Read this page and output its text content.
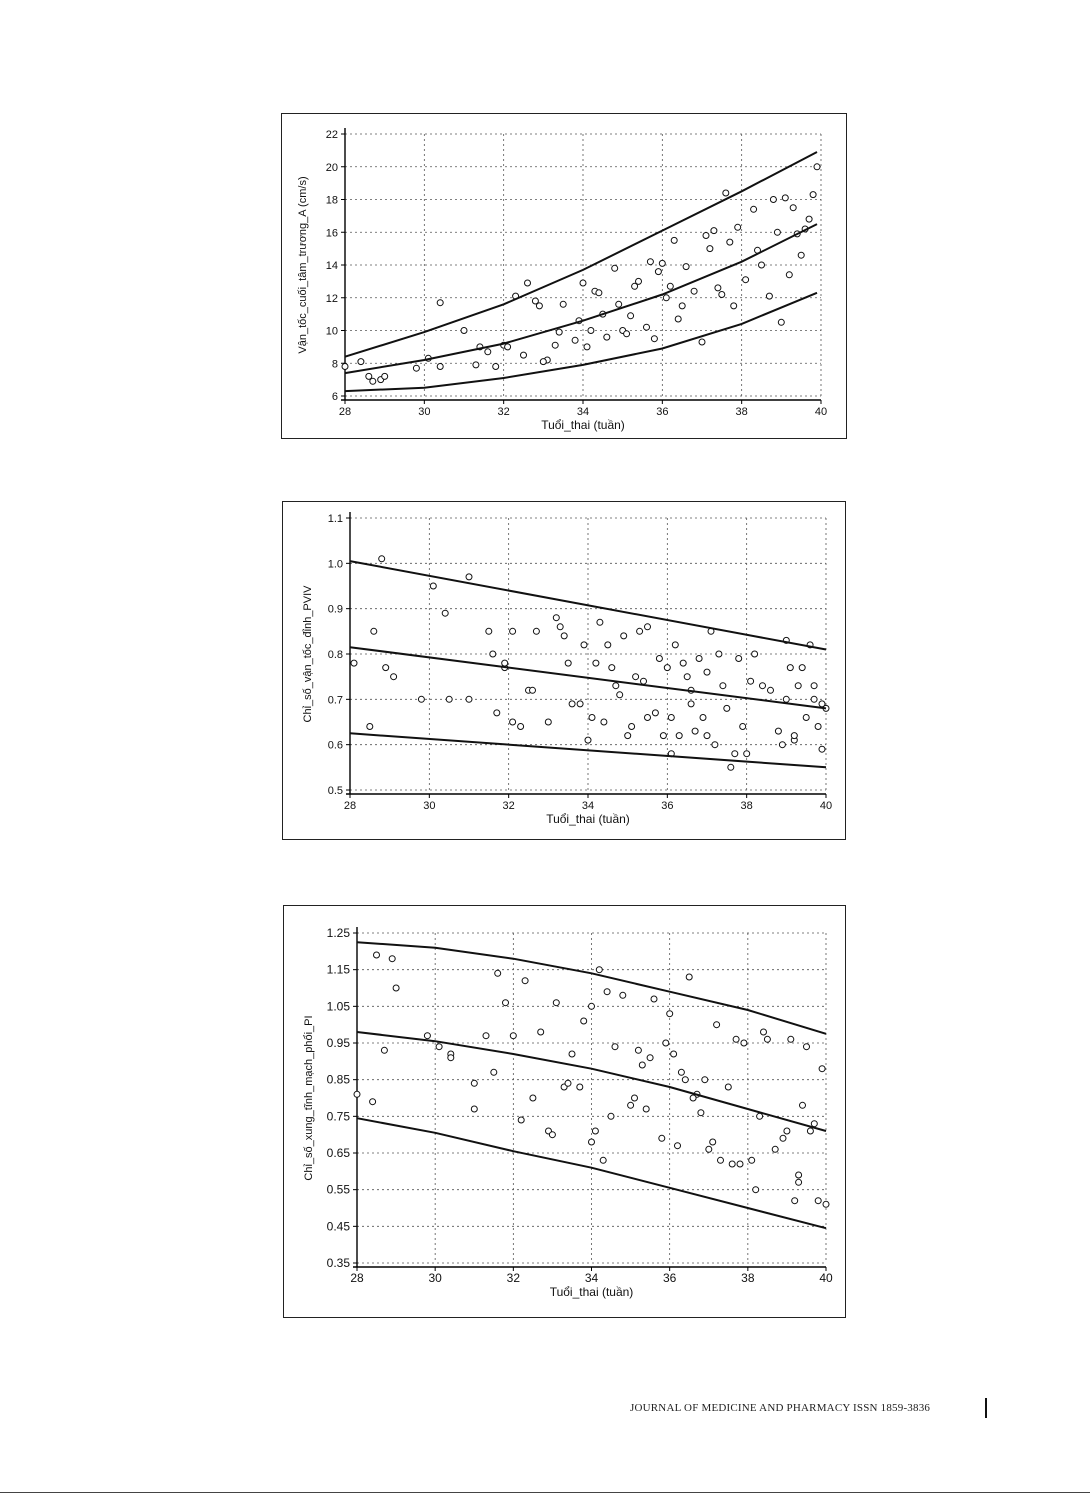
6
8
10
12
14
16
18
20
22
28	30	32	34	36	38	40
Tuổi_thai (tuần)
Vận_tốc_cuối_tâm_trương_A (cm/s)
0.5
0.6
0.7
0.8
0.9
1.0
1.1
28	30	32	34	36	38	40
Tuổi_thai (tuần)
Chỉ_số_vận_tốc_đỉnh_PVIV
0.35
0.45
0.55
0.65
0.75
0.85
0.95
1.05
1.15
1.25
28	30	32	34	36	38	40
Tuổi_thai (tuần)
Chỉ_số_xung_tĩnh_mạch_phổi_PI
JOURNAL OF MEDICINE AND PHARMACY ISSN 1859-3836
